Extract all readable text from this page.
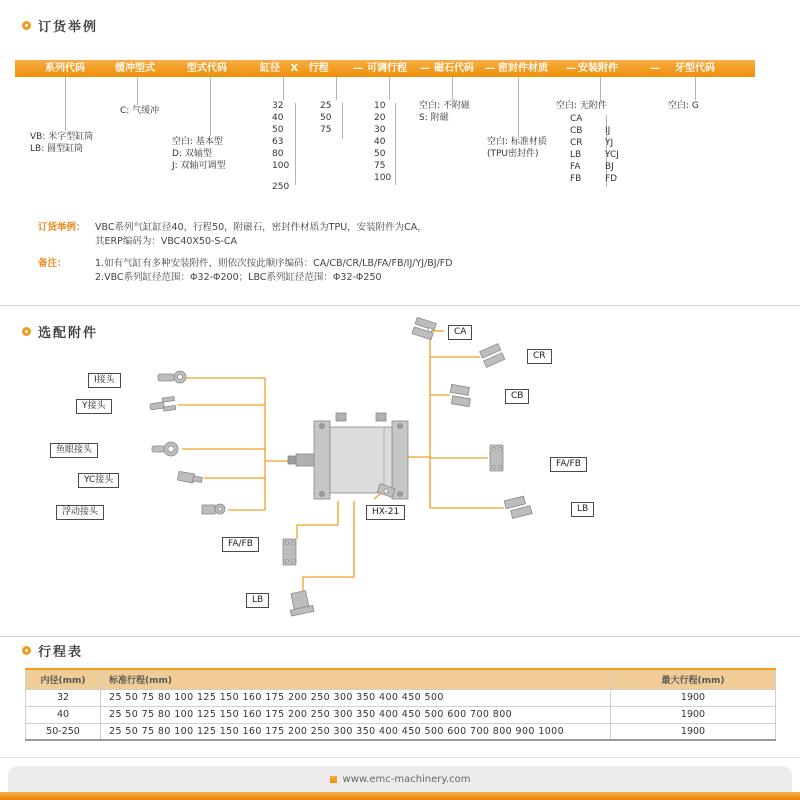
订货举例
系列代码	缓冲型式	型式代码	缸径 X 行程 — 可调行程 — 磁石代码 — 密封件材质 — 安装附件	— 牙型代码
VB: 米字型缸筒
LB: 圆型缸筒
C: 气缓冲
空白: 基本型
D: 双轴型
J: 双轴可调型
32
40
50
63
80
100
250
25
50
75
10
20
30
40
50
75
100
空白: 不附磁
S: 附磁
空白: 标准材质
(TPU密封件)
空白: 无附件
CA
CB	IJ
CR	YJ
LB	YCJ
FA	BJ
FB	FD
空白: G
订货举例： VBC系列气缸缸径40，行程50，附磁石，密封件材质为TPU，安装附件为CA，
其ERP编码为：VBC40X50-S-CA
备注：	1.如有气缸有多种安装附件，则依次按此顺序编码：CA/CB/CR/LB/FA/FB/IJ/YJ/BJ/FD
2.VBC系列缸径范围：Φ32-Φ200；LBC系列缸径范围：Φ32-Φ250
选配附件
I接头
Y接头
鱼眼接头
YC接头
浮动接头
FA/FB
LB
CA
CR
CB
FA/FB
LB
HX-21
行程表
内径(mm)	标准行程(mm)	最大行程(mm)
32	25 50 75 80 100 125 150 160 175 200 250 300 350 400 450 500	1900
40	25 50 75 80 100 125 150 160 175 200 250 300 350 400 450 500 600 700 800	1900
50-250	25 50 75 80 100 125 150 160 175 200 250 300 350 400 450 500 600 700 800 900 1000	1900
www.emc-machinery.com
